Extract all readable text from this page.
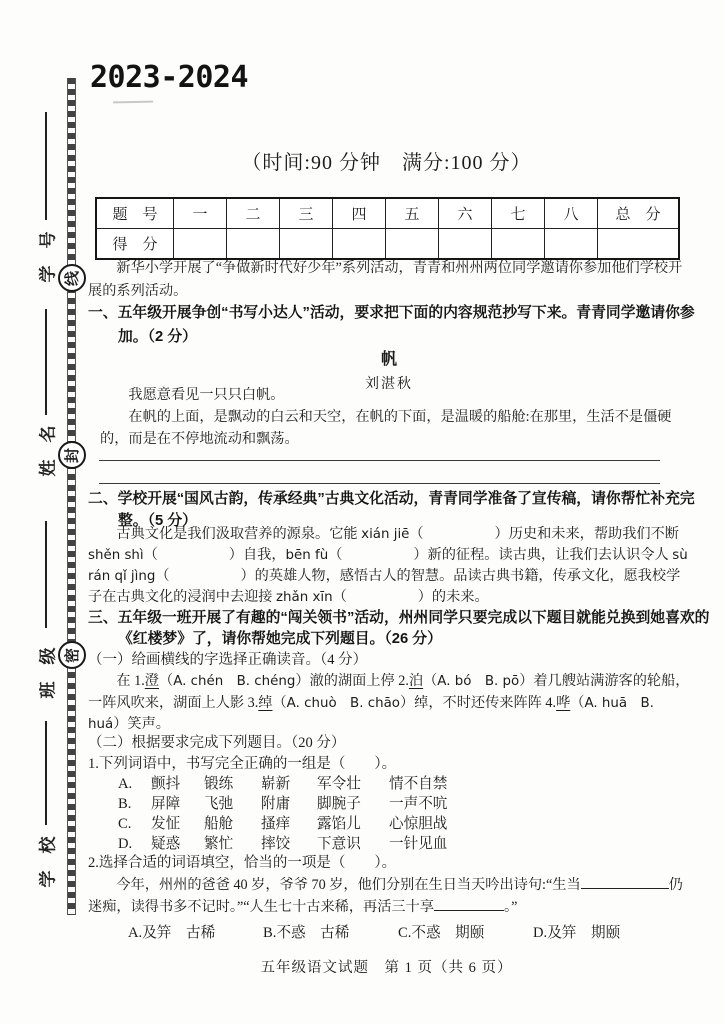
学　号
姓　名
班　级
学　校
线
封
密
2023-2024
（时间:90 分钟　满分:100 分）
题　号	一	二	三	四	五	六	七	八	总　分
得　分

新华小学开展了“争做新时代好少年”系列活动，青青和州州两位同学邀请你参加他们学校开展的系列活动。

一、五年级开展争创“书写小达人”活动，要求把下面的内容规范抄写下来。青青同学邀请你参加。（2 分）

帆

刘湛秋

我愿意看见一只只白帆。

在帆的上面，是飘动的白云和天空，在帆的下面，是温暖的船舱:在那里，生活不是僵硬的，而是在不停地流动和飘荡。

二、学校开展“国风古韵，传承经典”古典文化活动，青青同学准备了宣传稿，请你帮忙补充完整。（5 分）

古典文化是我们汲取营养的源泉。它能 xián jiē（　　　　　）历史和未来，帮助我们不断 shěn shì（　　　　　）自我，bēn fù（　　　　　）新的征程。读古典，让我们去认识令人 sù rán qǐ jìng（　　　　　）的英雄人物，感悟古人的智慧。品读古典书籍，传承文化，愿我校学子在古典文化的浸润中去迎接 zhǎn xīn（　　　　　）的未来。

三、五年级一班开展了有趣的“闯关领书”活动，州州同学只要完成以下题目就能兑换到她喜欢的《红楼梦》了，请你帮她完成下列题目。（26 分）

（一）给画横线的字选择正确读音。（4 分）

在 1.澄（A. chén　B. chéng）澈的湖面上停 2.泊（A. bó　B. pō）着几艘站满游客的轮船，一阵风吹来，湖面上人影 3.绰（A. chuò　B. chāo）绰，不时还传来阵阵 4.哗（A. huā　B. huá）笑声。

（二）根据要求完成下列题目。（20 分）

1.下列词语中，书写完全正确的一组是（　　）。

A.	颤抖	锻练	崭新	军令壮	情不自禁
B.	屏障	飞弛	附庸	脚腕子	一声不吭
C.	发怔	船舱	搔痒	露馅儿	心惊胆战
D.	疑惑	繁忙	摔饺	下意识	一针见血

2.选择合适的词语填空，恰当的一项是（　　）。

今年，州州的爸爸 40 岁，爷爷 70 岁，他们分别在生日当天吟出诗句:“生当	仍迷痴，读得书多不记时。”“人生七十古来稀，再活三十享	。”

A.及笄　古稀	B.不惑　古稀	C.不惑　期颐	D.及笄　期颐
五年级语文试题　第 1 页（共 6 页）
